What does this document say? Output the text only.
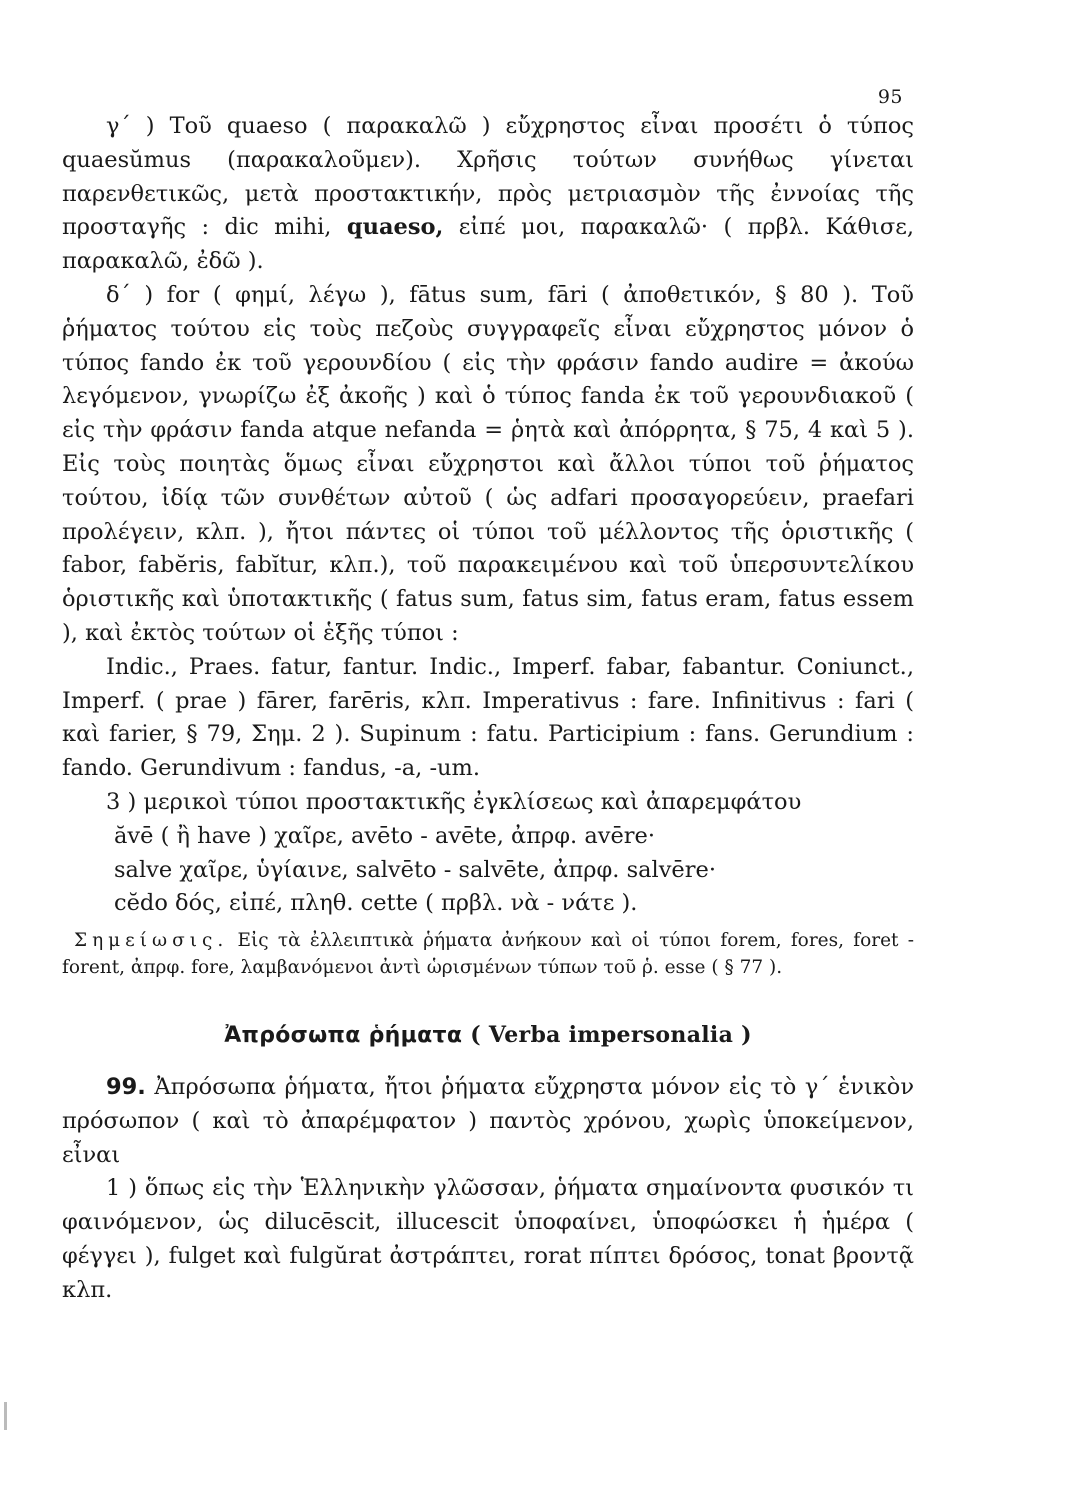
95

γ΄ ) Τοῦ quaeso ( παρακαλῶ ) εὔχρηστος εἶναι προσέτι ὁ τύπος quaesŭmus (παρακαλοῦμεν). Χρῆσις τούτων συνήθως γίνεται παρενθετικῶς, μετὰ προστακτικήν, πρὸς μετριασμὸν τῆς ἐννοίας τῆς προσταγῆς : dic mihi, quaeso, εἰπέ μοι, παρακαλῶ· ( πρβλ. Κάθισε, παρακαλῶ, ἐδῶ ).

δ΄ ) for ( φημί, λέγω ), fātus sum, fāri ( ἀποθετικόν, § 80 ). Τοῦ ῥήματος τούτου εἰς τοὺς πεζοὺς συγγραφεῖς εἶναι εὔχρηστος μόνον ὁ τύπος fando ἐκ τοῦ γερουνδίου ( εἰς τὴν φράσιν fando audire = ἀκούω λεγόμενον, γνωρίζω ἐξ ἀκοῆς ) καὶ ὁ τύπος fanda ἐκ τοῦ γερουνδιακοῦ ( εἰς τὴν φράσιν fanda atque nefanda = ῥητὰ καὶ ἀπόρρητα, § 75, 4 καὶ 5 ). Εἰς τοὺς ποιητὰς ὅμως εἶναι εὔχρηστοι καὶ ἄλλοι τύποι τοῦ ῥήματος τούτου, ἰδίᾳ τῶν συνθέτων αὐτοῦ ( ὡς adfari προσαγορεύειν, praefari προλέγειν, κλπ. ), ἤτοι πάντες οἱ τύποι τοῦ μέλλοντος τῆς ὁριστικῆς ( fabor, fabĕris, fabĭtur, κλπ.), τοῦ παρακειμένου καὶ τοῦ ὑπερσυντελίκου ὁριστικῆς καὶ ὑποτακτικῆς ( fatus sum, fatus sim, fatus eram, fatus essem ), καὶ ἐκτὸς τούτων οἱ ἑξῆς τύποι :

Indic., Praes. fatur, fantur. Indic., Imperf. fabar, fabantur. Coniunct., Imperf. ( prae ) fārer, farēris, κλπ. Imperativus : fare. Infinitivus : fari ( καὶ farier, § 79, Σημ. 2 ). Supinum : fatu. Participium : fans. Gerundium : fando. Gerundivum : fandus, -a, -um.

3 ) μερικοὶ τύποι προστακτικῆς ἐγκλίσεως καὶ ἀπαρεμφάτου
ăvē ( ἢ have ) χαῖρε, avēto - avēte, ἀπρφ. avēre·
salve χαῖρε, ὑγίαινε, salvēto - salvēte, ἀπρφ. salvēre·
cĕdo δός, εἰπέ, πληθ. cette ( πρβλ. νὰ - νάτε ).

Σημείωσις. Εἰς τὰ ἐλλειπτικὰ ῥήματα ἀνήκουν καὶ οἱ τύποι forem, fores, foret - forent, ἀπρφ. fore, λαμβανόμενοι ἀντὶ ὡρισμένων τύπων τοῦ ῥ. esse ( § 77 ).

Ἀπρόσωπα ῥήματα ( Verba impersonalia )

99. Ἀπρόσωπα ῥήματα, ἤτοι ῥήματα εὔχρηστα μόνον εἰς τὸ γ΄ ἑνικὸν πρόσωπον ( καὶ τὸ ἀπαρέμφατον ) παντὸς χρόνου, χωρὶς ὑποκείμενον, εἶναι

1 ) ὅπως εἰς τὴν Ἑλληνικὴν γλῶσσαν, ῥήματα σημαίνοντα φυσικόν τι φαινόμενον, ὡς dilucēscit, illucescit ὑποφαίνει, ὑποφώσκει ἡ ἡμέρα ( φέγγει ), fulget καὶ fulgŭrat ἀστράπτει, rorat πίπτει δρόσος, tonat βροντᾷ κλπ.
